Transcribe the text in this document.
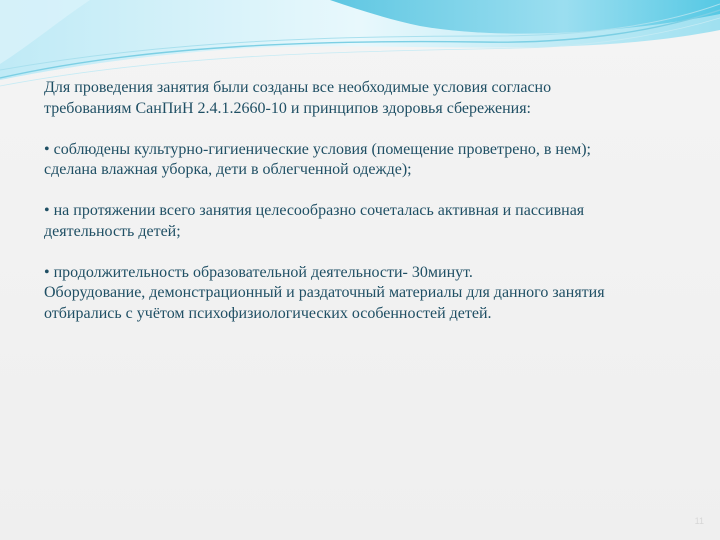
Для проведения занятия были созданы все необходимые условия согласно

требованиям СанПиН 2.4.1.2660-10 и принципов здоровья сбережения:

• соблюдены культурно-гигиенические условия (помещение проветрено, в нем);

сделана влажная уборка, дети в облегченной одежде);

• на протяжении всего занятия целесообразно сочеталась активная и пассивная

деятельность детей;

• продолжительность образовательной деятельности- 30минут.

Оборудование, демонстрационный и раздаточный материалы для данного занятия

отбирались с учётом психофизиологических особенностей детей.

11
